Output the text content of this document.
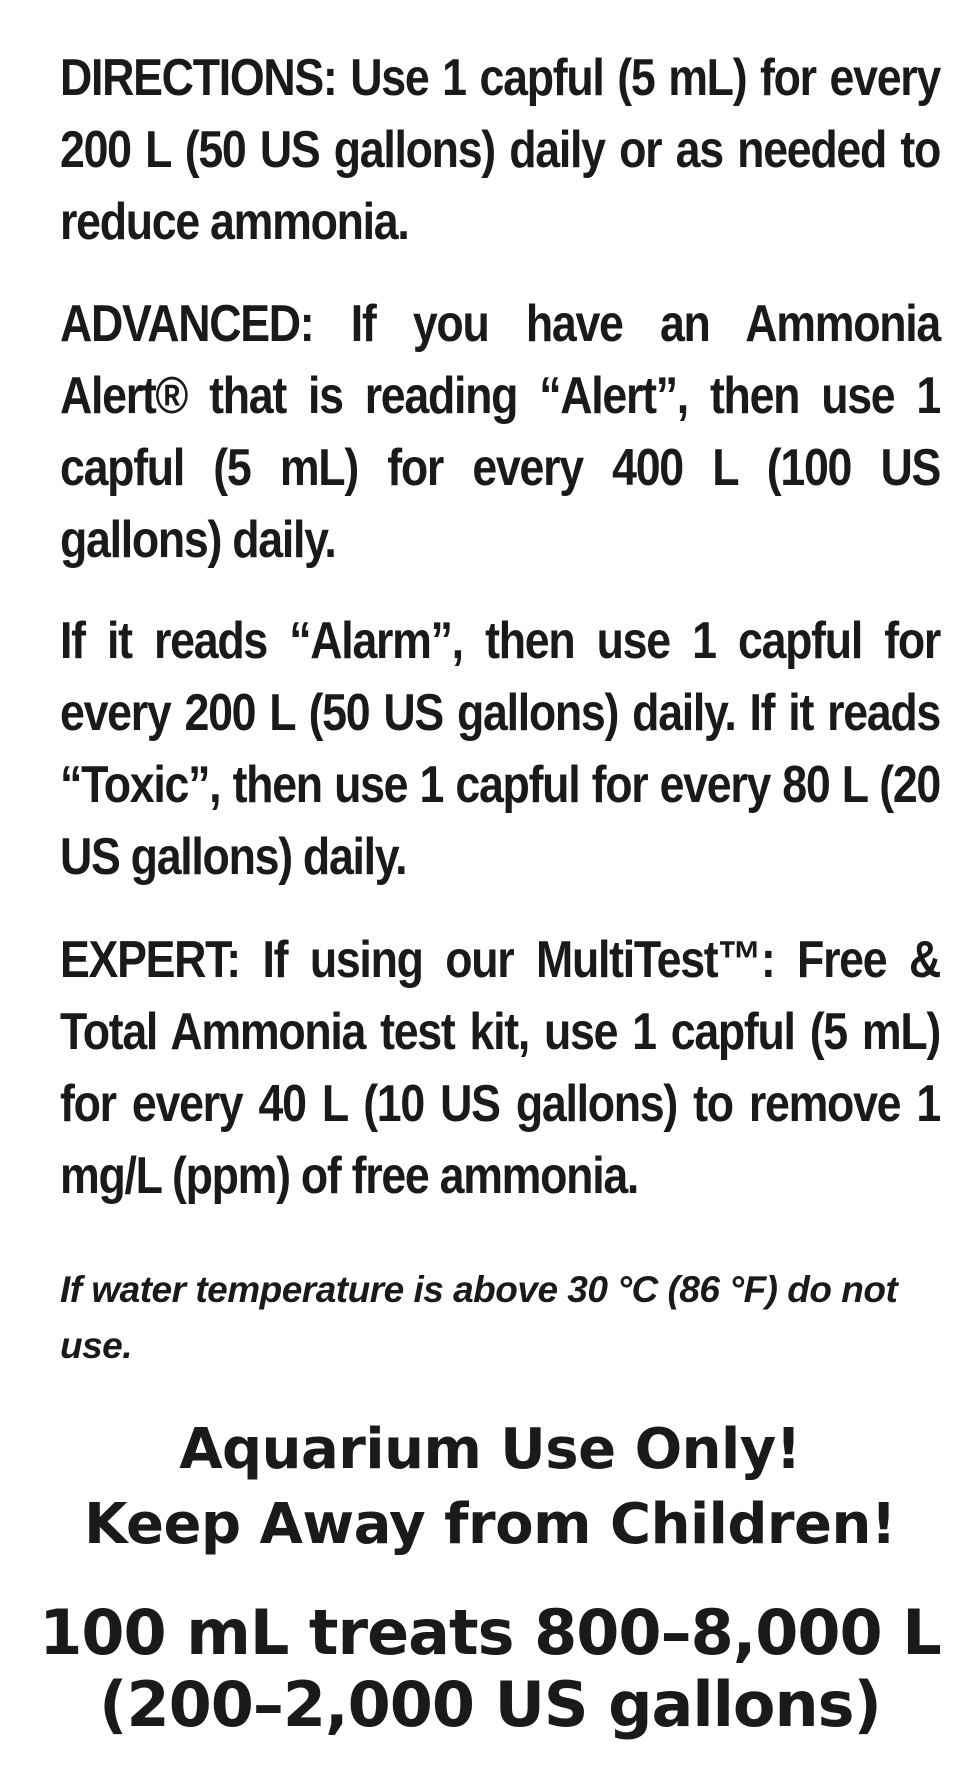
DIRECTIONS: Use 1 capful (5 mL) for every 200 L (50 US gallons) daily or as needed to reduce ammonia.

ADVANCED: If you have an Ammonia Alert® that is reading “Alert”, then use 1 capful (5 mL) for every 400 L (100 US gallons) daily.

If it reads “Alarm”, then use 1 capful for every 200 L (50 US gallons) daily. If it reads “Toxic”, then use 1 capful for every 80 L (20 US gallons) daily.

EXPERT: If using our MultiTest™: Free & Total Ammonia test kit, use 1 capful (5 mL) for every 40 L (10 US gallons) to remove 1 mg/L (ppm) of free ammonia.

If water temperature is above 30 °C (86 °F) do not use.

Aquarium Use Only!

Keep Away from Children!

100 mL treats 800–8,000 L

(200–2,000 US gallons)
